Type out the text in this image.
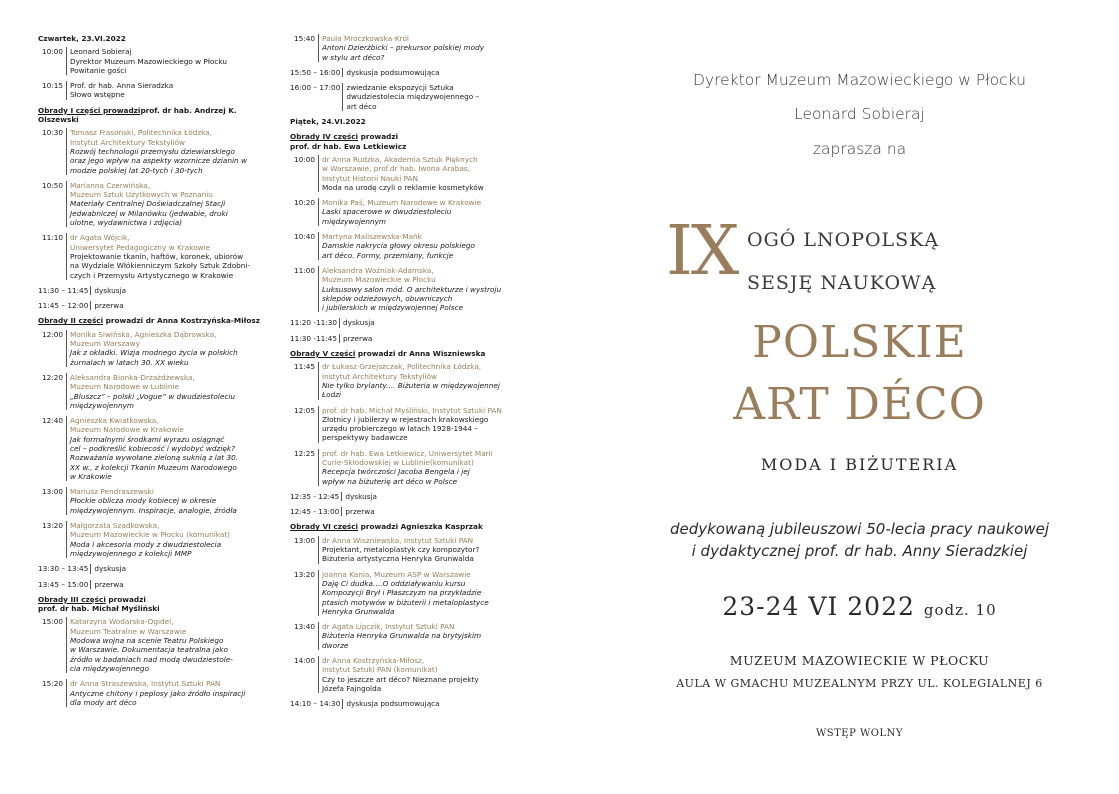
Czwartek, 23.VI.2022
10:00 Leonard Sobieraj
Dyrektor Muzeum Mazowieckiego w Płocku
Powitanie gości
10:15 Prof. dr hab. Anna Sieradzka
Słowo wstępne
Obrady I części prowadziprof. dr hab. Andrzej K. Olszewski
10:30 Tomasz Frasoński, Politechnika Łódzka,
Instytut Architektury Tekstyliów
Rozwój technologii przemysłu dziewiarskiego
oraz jego wpływ na aspekty wzornicze dzianin w
modzie polskiej lat 20-tych i 30-tych
10:50 Marianna Czerwińska,
Muzeum Sztuk Użytkowych w Poznaniu
Materiały Centralnej Doświadczalnej Stacji
Jedwabniczej w Milanówku (jedwabie, druki
ulotne, wydawnictwa i zdjęcia)
11:10 dr Agata Wójcik,
Uniwersytet Pedagogiczny w Krakowie
Projektowanie tkanin, haftów, koronek, ubiorów
na Wydziale Włókienniczym Szkoły Sztuk Zdobni-
czych i Przemysłu Artystycznego w Krakowie
11:30 – 11:45 dyskusja
11:45 – 12:00 przerwa
Obrady II części prowadzi dr Anna Kostrzyńska-Miłosz
12:00 Monika Siwińska, Agnieszka Dąbrowska,
Muzeum Warszawy
Jak z okładki. Wizja modnego życia w polskich
żurnalach w latach 30. XX wieku
12:20 Aleksandra Bionka-Drzażdżewska,
Muzeum Narodowe w Lublinie
„Bluszcz” – polski „Vogue” w dwudziestoleciu
międzywojennym
12:40 Agnieszka Kwiatkowska,
Muzeum Narodowe w Krakowie
Jak formalnymi środkami wyrazu osiągnąć
cel – podkreślić kobiecość i wydobyć wdzięk?
Rozważania wywołane zieloną suknią z lat 30.
XX w., z kolekcji Tkanin Muzeum Narodowego
w Krakowie
13:00 Mariusz Pendraszewski
Płockie oblicza mody kobiecej w okresie
międzywojennym. Inspiracje, analogie, źródła
13:20 Małgorzata Szadkowska,
Muzeum Mazowieckie w Płocku (komunikat)
Moda i akcesoria mody z dwudziestolecia
międzywojennego z kolekcji MMP
13:30 – 13:45 dyskusja
13:45 – 15:00 przerwa
Obrady III części prowadzi
prof. dr hab. Michał Myśliński
15:00 Katarzyna Wodarska-Ogidel,
Muzeum Teatralne w Warszawie
Modowa wojna na scenie Teatru Polskiego
w Warszawie. Dokumentacja teatralna jako
źródło w badaniach nad modą dwudziestole-
cia międzywojennego
15:20 dr Anna Straszewska, Instytut Sztuki PAN
Antyczne chitony i peplosy jako źródło inspiracji
dla mody art déco
15:40 Paula Mroczkowska-Król
Antoni Dzierżbicki – prekursor polskiej mody
w stylu art déco?
15:50 – 16:00 dyskusja podsumowująca
16:00 – 17:00 zwiedzanie ekspozycji Sztuka
dwudziestolecia międzywojennego –
art déco
Piątek, 24.VI.2022
Obrady IV części prowadzi
prof. dr hab. Ewa Letkiewicz
10:00 dr Anna Rudzka, Akademia Sztuk Pięknych
w Warszawie, prof.dr hab. Iwona Arabas,
Instytut Historii Nauki PAN
Moda na urodę czyli o reklamie kosmetyków
10:20 Monika Paś, Muzeum Narodowe w Krakowie
Laski spacerowe w dwudziestoleciu
międzywojennym
10:40 Martyna Maliszewska-Mańk
Damskie nakrycia głowy okresu polskiego
art déco. Formy, przemiany, funkcje
11:00 Aleksandra Woźniak-Adamska,
Muzeum Mazowieckie w Płocku
Luksusowy salon mód. O architekturze i wystroju
sklepów odzieżowych, obuwniczych
i jubilerskich w międzywojennej Polsce
11:20 -11:30 dyskusja
11:30 -11:45 przerwa
Obrady V części prowadzi dr Anna Wiszniewska
11:45 dr Łukasz Grzejszczak, Politechnika Łódzka,
Instytut Architektury Tekstyliów
Nie tylko brylanty.... Biżuteria w międzywojennej
Łodzi
12:05 prof. dr hab. Michał Myśliński, Instytut Sztuki PAN
Złotnicy i jubilerzy w rejestrach krakowskiego
urzędu probierczego w latach 1928-1944 –
perspektywy badawcze
12:25 prof. dr hab. Ewa Letkiewicz, Uniwersytet Marii
Curie-Skłodowskiej w Lublinie(komunikat)
Recepcja twórczości Jacoba Bengela i jej
wpływ na biżuterię art déco w Polsce
12:35 - 12:45 dyskusja
12:45 - 13:00 przerwa
Obrady VI części prowadzi Agnieszka Kasprzak
13:00 dr Anna Wiszniewska, Instytut Sztuki PAN
Projektant, metaloplastyk czy kompozytor?
Biżuteria artystyczna Henryka Grunwalda
13:20 Joanna Kania, Muzeum ASP w Warszawie
Daję Ci dudka….O oddziaływaniu kursu
Kompozycji Brył i Płaszczyzn na przykładzie
ptasich motywów w biżuterii i metaloplastyce
Henryka Grunwalda
13:40 dr Agata Lipczik, Instytut Sztuki PAN
Biżuteria Henryka Grunwalda na brytyjskim
dworze
14:00 dr Anna Kostrzyńska-Miłosz,
Instytut Sztuki PAN (komunikat)
Czy to jeszcze art déco? Nieznane projekty
Józefa Fajngolda
14:10 – 14:30 dyskusja podsumowująca
Dyrektor Muzeum Mazowieckiego w Płocku
Leonard Sobieraj
zaprasza na
IX OGÓ LNOPOLSKĄ
SESJĘ NAUKOWĄ
POLSKIE
ART DÉCO
MODA I BIŻUTERIA
dedykowaną jubileuszowi 50-lecia pracy naukowej
i dydaktycznej prof. dr hab. Anny Sieradzkiej
23-24 VI 2022 godz. 10
MUZEUM MAZOWIECKIE W PŁOCKU
AULA W GMACHU MUZEALNYM PRZY UL. KOLEGIALNEJ 6
WSTĘP WOLNY
